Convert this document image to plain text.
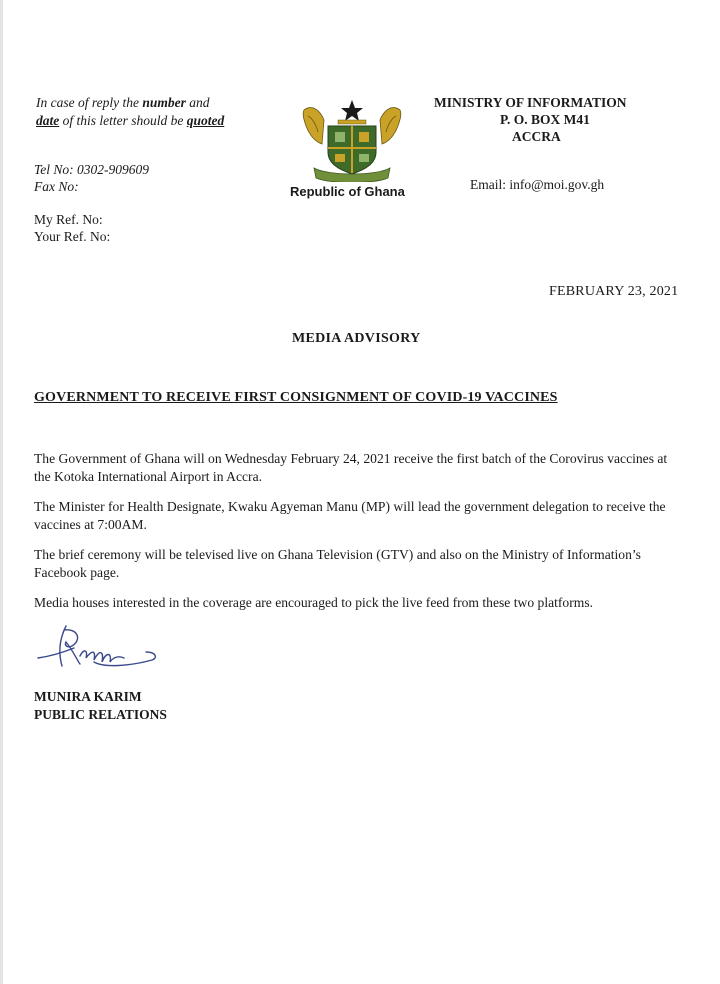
In case of reply the number and
date of this letter should be quoted
Tel No: 0302-909609
Fax No:
My Ref. No:
Your Ref. No:
Republic of Ghana
MINISTRY OF INFORMATION
P. O. BOX M41
ACCRA
Email: info@moi.gov.gh
FEBRUARY 23, 2021
MEDIA ADVISORY
GOVERNMENT TO RECEIVE FIRST CONSIGNMENT OF COVID-19 VACCINES

The Government of Ghana will on Wednesday February 24, 2021 receive the first batch of the Corovirus vaccines at the Kotoka International Airport in Accra.

The Minister for Health Designate, Kwaku Agyeman Manu (MP) will lead the government delegation to receive the vaccines at 7:00AM.

The brief ceremony will be televised live on Ghana Television (GTV) and also on the Ministry of Information’s Facebook page.

Media houses interested in the coverage are encouraged to pick the live feed from these two platforms.

MUNIRA KARIM
PUBLIC RELATIONS
